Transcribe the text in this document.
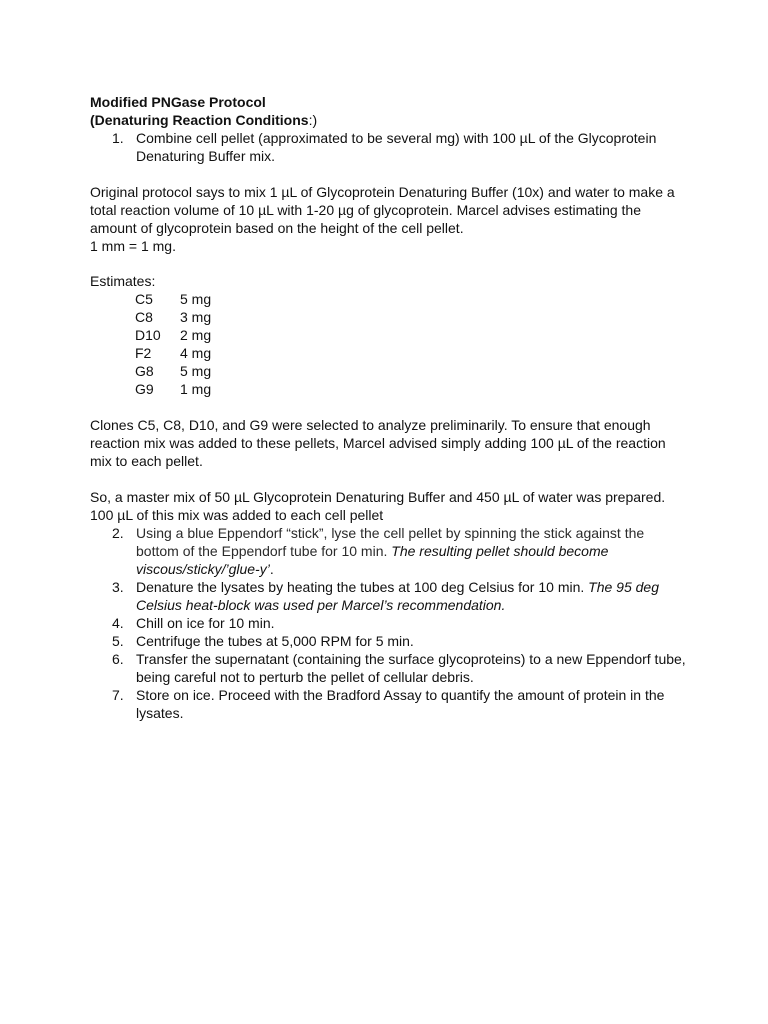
Modified PNGase Protocol
(Denaturing Reaction Conditions:)

1. Combine cell pellet (approximated to be several mg) with 100 µL of the Glycoprotein Denaturing Buffer mix.

Original protocol says to mix 1 µL of Glycoprotein Denaturing Buffer (10x) and water to make a total reaction volume of 10 µL with 1-20 µg of glycoprotein. Marcel advises estimating the amount of glycoprotein based on the height of the cell pellet.
1 mm = 1 mg.

Estimates:
C5	5 mg
C8	3 mg
D10	2 mg
F2	4 mg
G8	5 mg
G9	1 mg

Clones C5, C8, D10, and G9 were selected to analyze preliminarily. To ensure that enough reaction mix was added to these pellets, Marcel advised simply adding 100 µL of the reaction mix to each pellet.

So, a master mix of 50 µL Glycoprotein Denaturing Buffer and 450 µL of water was prepared. 100 µL of this mix was added to each cell pellet

2. Using a blue Eppendorf “stick”, lyse the cell pellet by spinning the stick against the bottom of the Eppendorf tube for 10 min. The resulting pellet should become viscous/sticky/’glue-y’.
3. Denature the lysates by heating the tubes at 100 deg Celsius for 10 min. The 95 deg Celsius heat-block was used per Marcel’s recommendation.
4. Chill on ice for 10 min.
5. Centrifuge the tubes at 5,000 RPM for 5 min.
6. Transfer the supernatant (containing the surface glycoproteins) to a new Eppendorf tube, being careful not to perturb the pellet of cellular debris.
7. Store on ice. Proceed with the Bradford Assay to quantify the amount of protein in the lysates.
